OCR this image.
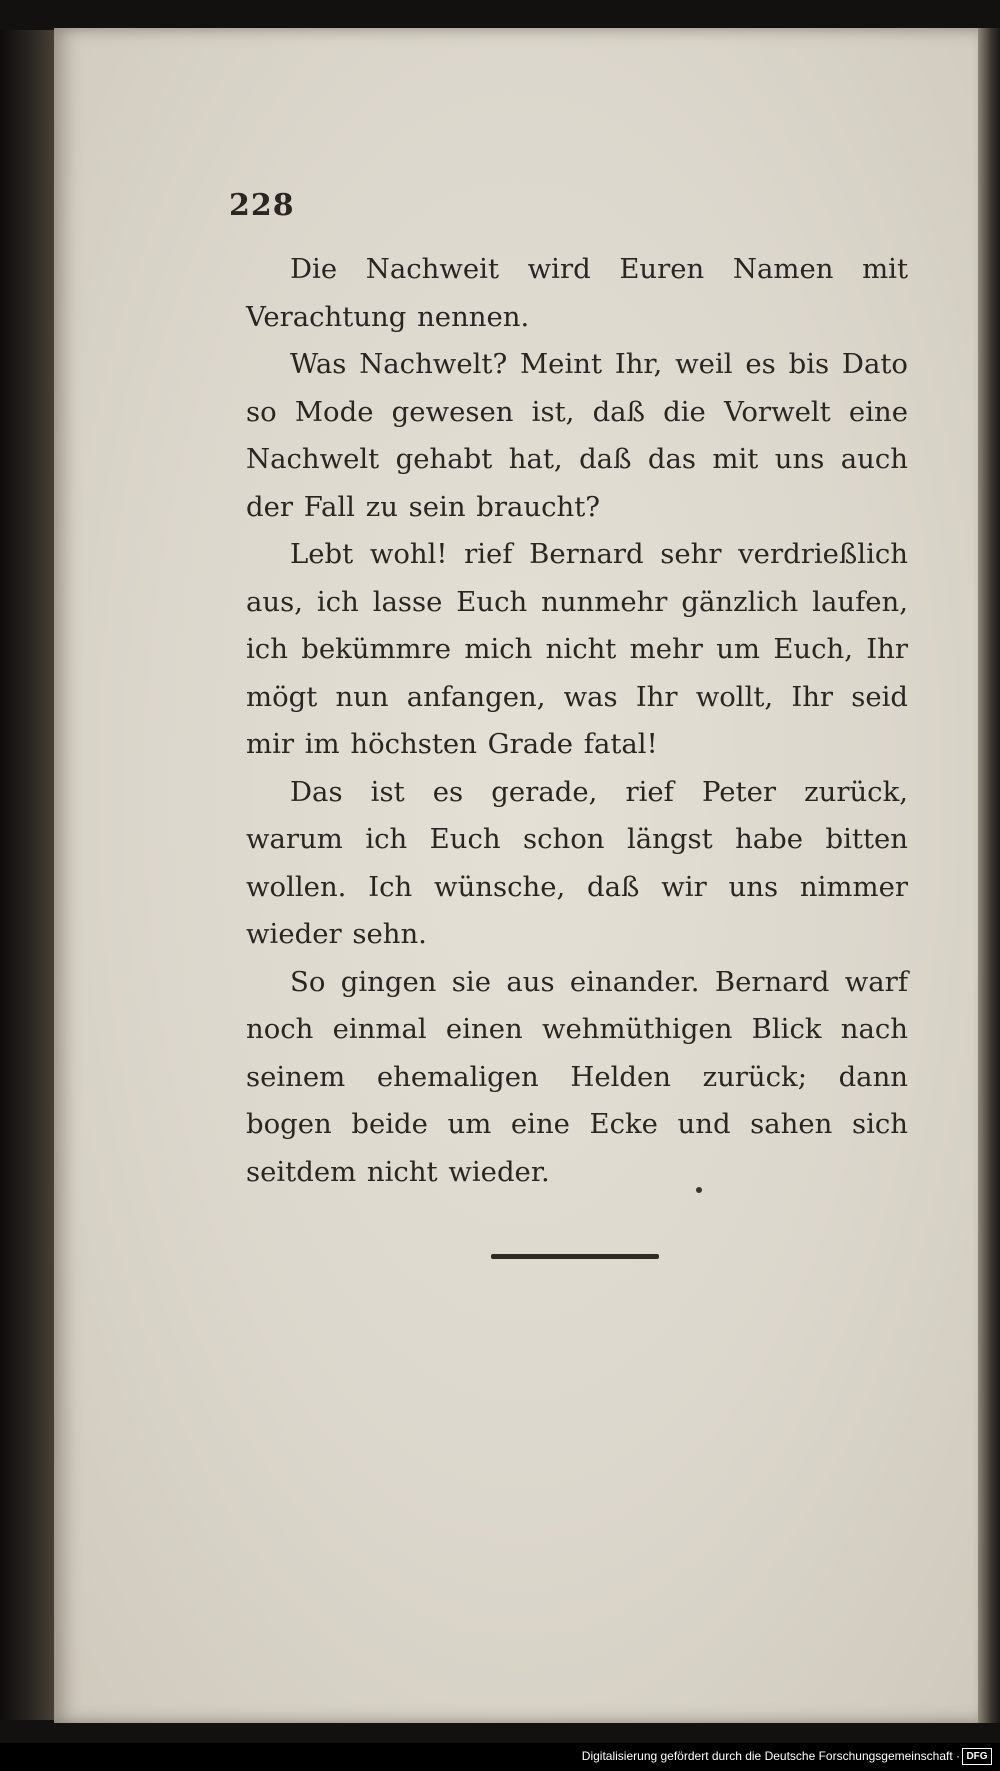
228

Die Nachweit wird Euren Namen mit Verachtung nennen.

Was Nachwelt? Meint Ihr, weil es bis Dato so Mode gewesen ist, daß die Vorwelt eine Nachwelt gehabt hat, daß das mit uns auch der Fall zu sein braucht?

Lebt wohl! rief Bernard sehr verdrießlich aus, ich lasse Euch nunmehr gänzlich laufen, ich bekümmre mich nicht mehr um Euch, Ihr mögt nun anfangen, was Ihr wollt, Ihr seid mir im höchsten Grade fatal!

Das ist es gerade, rief Peter zurück, warum ich Euch schon längst habe bitten wollen. Ich wünsche, daß wir uns nimmer wieder sehn.

So gingen sie aus einander. Bernard warf noch einmal einen wehmüthigen Blick nach seinem ehemaligen Helden zurück; dann bogen beide um eine Ecke und sahen sich seitdem nicht wieder.

Digitalisierung gefördert durch die Deutsche Forschungsgemeinschaft · DFG
